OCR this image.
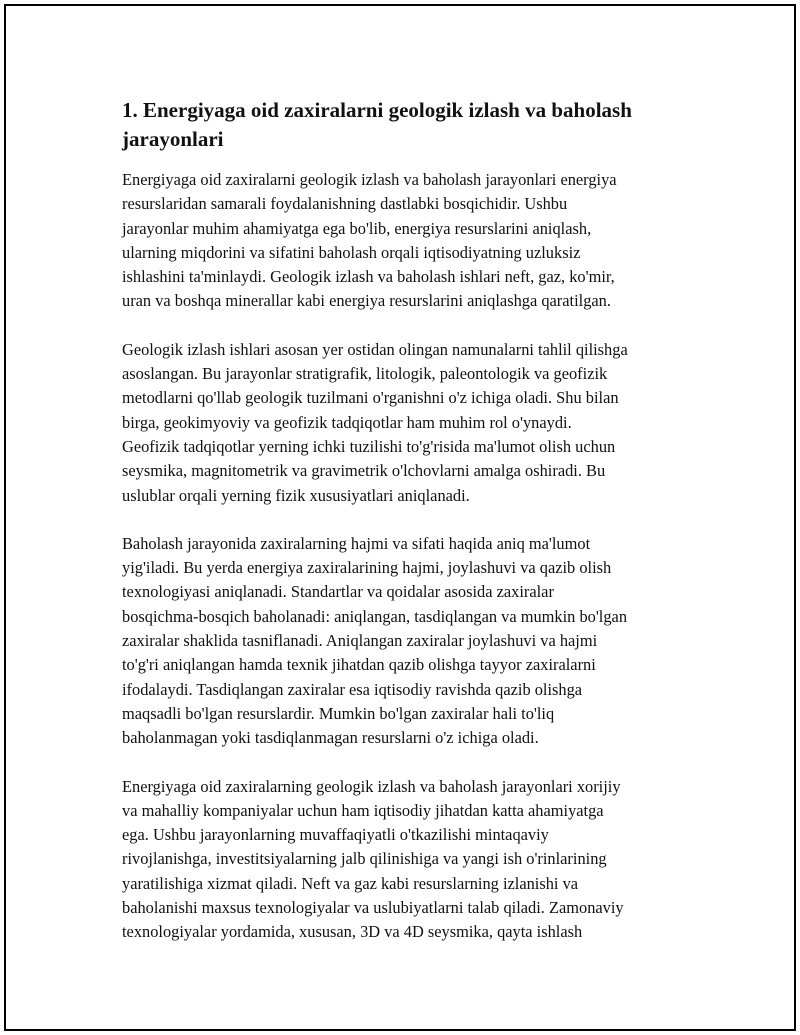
1. Energiyaga oid zaxiralarni geologik izlash va baholash
jarayonlari

Energiyaga oid zaxiralarni geologik izlash va baholash jarayonlari energiya
resurslaridan samarali foydalanishning dastlabki bosqichidir. Ushbu
jarayonlar muhim ahamiyatga ega bo'lib, energiya resurslarini aniqlash,
ularning miqdorini va sifatini baholash orqali iqtisodiyatning uzluksiz
ishlashini ta'minlaydi. Geologik izlash va baholash ishlari neft, gaz, ko'mir,
uran va boshqa minerallar kabi energiya resurslarini aniqlashga qaratilgan.

Geologik izlash ishlari asosan yer ostidan olingan namunalarni tahlil qilishga
asoslangan. Bu jarayonlar stratigrafik, litologik, paleontologik va geofizik
metodlarni qo'llab geologik tuzilmani o'rganishni o'z ichiga oladi. Shu bilan
birga, geokimyoviy va geofizik tadqiqotlar ham muhim rol o'ynaydi.
Geofizik tadqiqotlar yerning ichki tuzilishi to'g'risida ma'lumot olish uchun
seysmika, magnitometrik va gravimetrik o'lchovlarni amalga oshiradi. Bu
uslublar orqali yerning fizik xususiyatlari aniqlanadi.

Baholash jarayonida zaxiralarning hajmi va sifati haqida aniq ma'lumot
yig'iladi. Bu yerda energiya zaxiralarining hajmi, joylashuvi va qazib olish
texnologiyasi aniqlanadi. Standartlar va qoidalar asosida zaxiralar
bosqichma-bosqich baholanadi: aniqlangan, tasdiqlangan va mumkin bo'lgan
zaxiralar shaklida tasniflanadi. Aniqlangan zaxiralar joylashuvi va hajmi
to'g'ri aniqlangan hamda texnik jihatdan qazib olishga tayyor zaxiralarni
ifodalaydi. Tasdiqlangan zaxiralar esa iqtisodiy ravishda qazib olishga
maqsadli bo'lgan resurslardir. Mumkin bo'lgan zaxiralar hali to'liq
baholanmagan yoki tasdiqlanmagan resurslarni o'z ichiga oladi.

Energiyaga oid zaxiralarning geologik izlash va baholash jarayonlari xorijiy
va mahalliy kompaniyalar uchun ham iqtisodiy jihatdan katta ahamiyatga
ega. Ushbu jarayonlarning muvaffaqiyatli o'tkazilishi mintaqaviy
rivojlanishga, investitsiyalarning jalb qilinishiga va yangi ish o'rinlarining
yaratilishiga xizmat qiladi. Neft va gaz kabi resurslarning izlanishi va
baholanishi maxsus texnologiyalar va uslubiyatlarni talab qiladi. Zamonaviy
texnologiyalar yordamida, xususan, 3D va 4D seysmika, qayta ishlash
